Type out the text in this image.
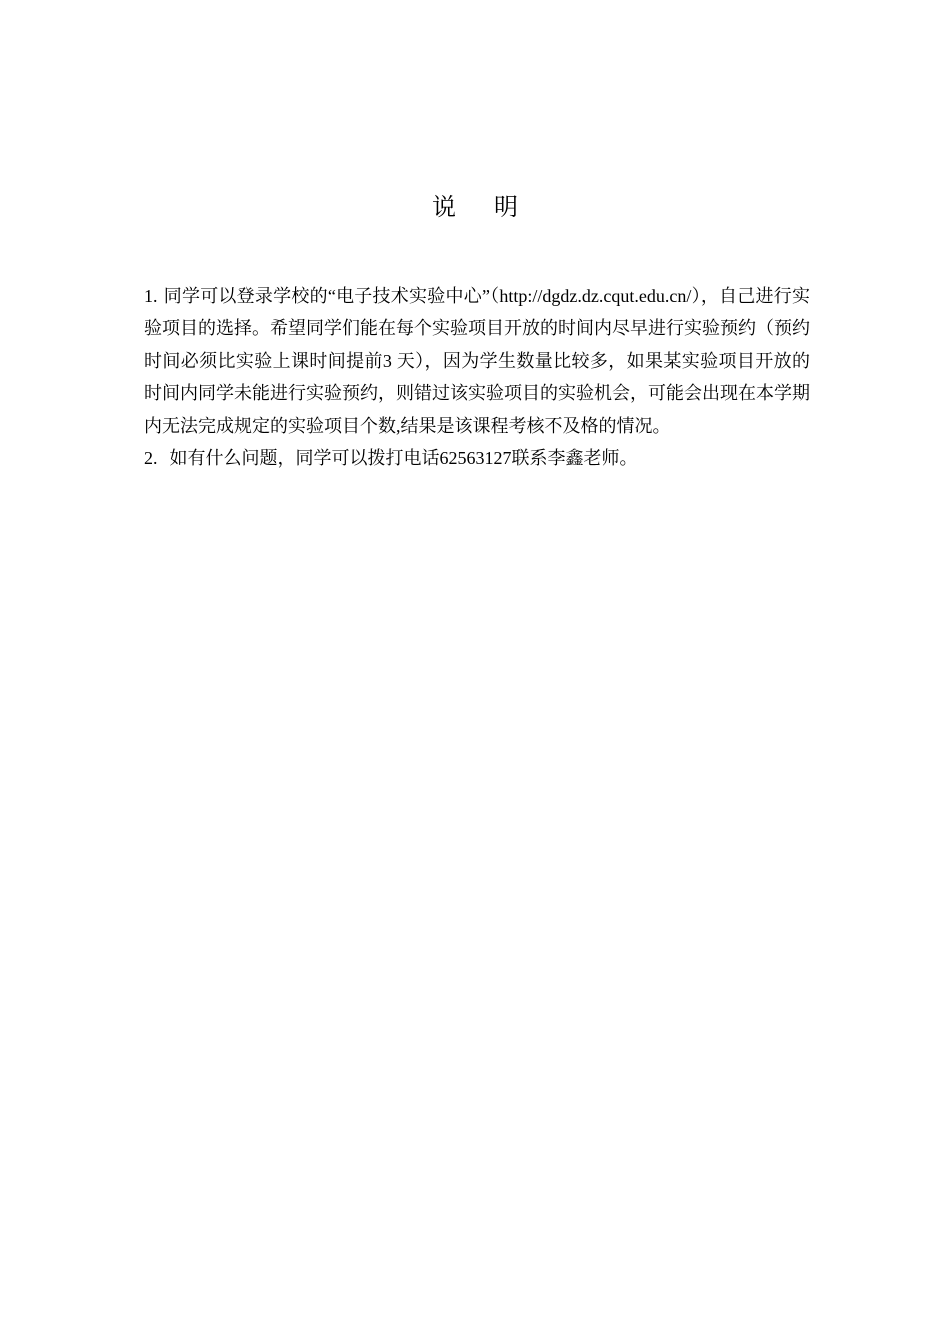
说 明

1. 同学可以登录学校的“电子技术实验中心”（http://dgdz.dz.cqut.edu.cn/），自己进行实验项目的选择。希望同学们能在每个实验项目开放的时间内尽早进行实验预约（预约时间必须比实验上课时间提前3 天），因为学生数量比较多，如果某实验项目开放的时间内同学未能进行实验预约，则错过该实验项目的实验机会，可能会出现在本学期内无法完成规定的实验项目个数,结果是该课程考核不及格的情况。

2. 如有什么问题，同学可以拨打电话62563127联系李鑫老师。
